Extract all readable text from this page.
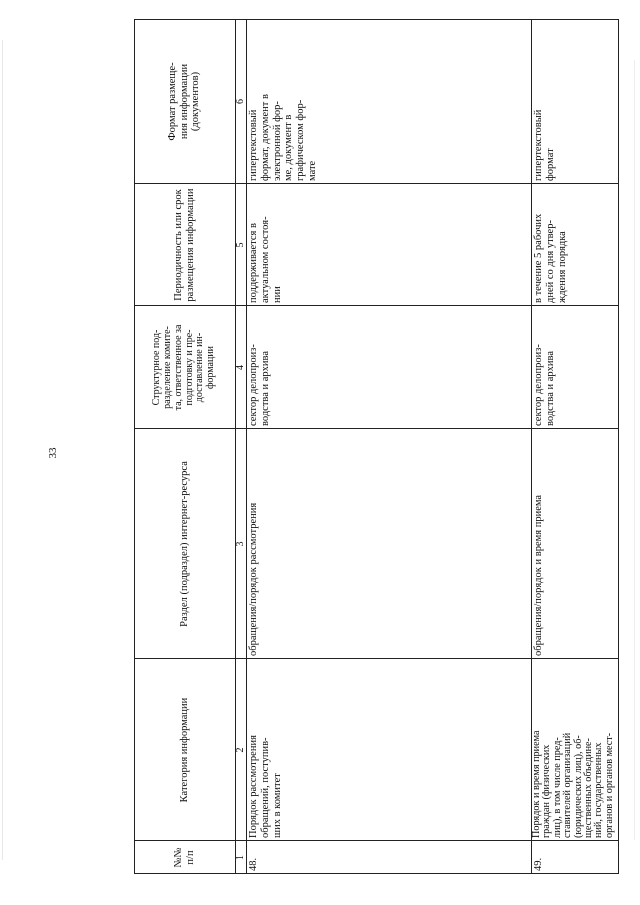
33
№№ п/п
Категория информации
Раздел (подраздел) интернет-ресурса
Структурное под- разделение комите- та, ответственное за подготовку и пре- доставление ин- формации
Периодичность или срок размещения информации
Формат размеще- ния информации (документов)
1
2
3
4
5
6
48.
Порядок рассмотрения обращений, поступив- ших в комитет
обращения/порядок рассмотрения
сектор делопроиз- водства и архива
поддерживается в актуальном состоя- нии
гипертекстовый формат, документ в электронной фор- ме, документ в графическом фор- мате
49.
Порядок и время приема граждан (физических лиц), в том числе пред- ставителей организаций (юридических лиц), об- щественных объедине- ний, государственных органов и органов мест-
обращения/порядок и время приема
сектор делопроиз- водства и архива
в течение 5 рабочих дней со дня утвер- ждения порядка
гипертекстовый формат
